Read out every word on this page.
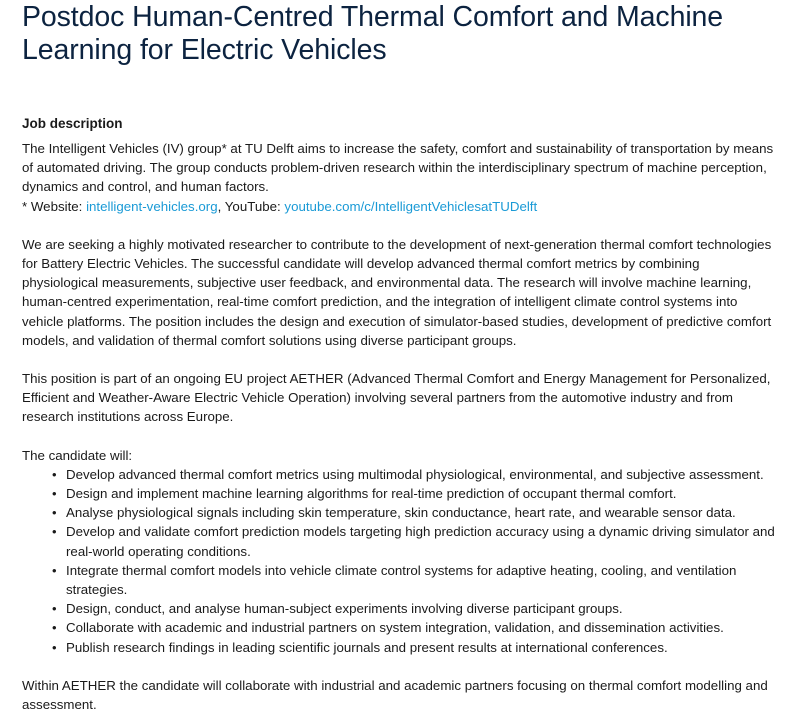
Postdoc Human-Centred Thermal Comfort and Machine Learning for Electric Vehicles
Job description

The Intelligent Vehicles (IV) group* at TU Delft aims to increase the safety, comfort and sustainability of transportation by means of automated driving. The group conducts problem-driven research within the interdisciplinary spectrum of machine perception, dynamics and control, and human factors.
* Website: intelligent-vehicles.org, YouTube: youtube.com/c/IntelligentVehiclesatTUDelft

We are seeking a highly motivated researcher to contribute to the development of next-generation thermal comfort technologies for Battery Electric Vehicles. The successful candidate will develop advanced thermal comfort metrics by combining physiological measurements, subjective user feedback, and environmental data. The research will involve machine learning, human-centred experimentation, real-time comfort prediction, and the integration of intelligent climate control systems into vehicle platforms. The position includes the design and execution of simulator-based studies, development of predictive comfort models, and validation of thermal comfort solutions using diverse participant groups.

This position is part of an ongoing EU project AETHER (Advanced Thermal Comfort and Energy Management for Personalized, Efficient and Weather-Aware Electric Vehicle Operation) involving several partners from the automotive industry and from research institutions across Europe.

The candidate will:

• Develop advanced thermal comfort metrics using multimodal physiological, environmental, and subjective assessment.
• Design and implement machine learning algorithms for real-time prediction of occupant thermal comfort.
• Analyse physiological signals including skin temperature, skin conductance, heart rate, and wearable sensor data.
• Develop and validate comfort prediction models targeting high prediction accuracy using a dynamic driving simulator and real-world operating conditions.
• Integrate thermal comfort models into vehicle climate control systems for adaptive heating, cooling, and ventilation strategies.
• Design, conduct, and analyse human-subject experiments involving diverse participant groups.
• Collaborate with academic and industrial partners on system integration, validation, and dissemination activities.
• Publish research findings in leading scientific journals and present results at international conferences.

Within AETHER the candidate will collaborate with industrial and academic partners focusing on thermal comfort modelling and assessment.
